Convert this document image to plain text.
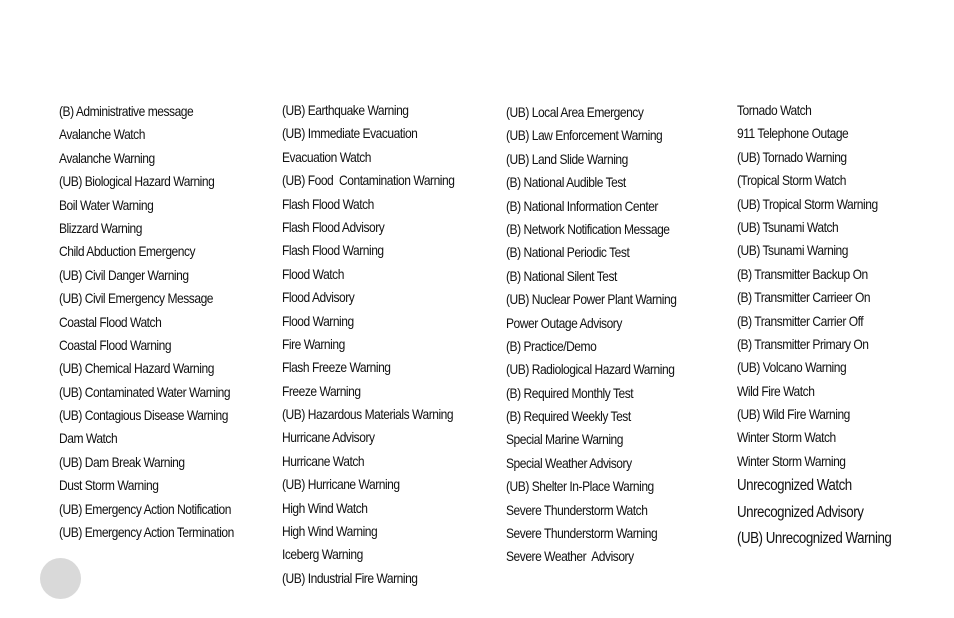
(B) Administrative message
Avalanche Watch
Avalanche Warning
(UB) Biological Hazard Warning
Boil Water Warning
Blizzard Warning
Child Abduction Emergency
(UB) Civil Danger Warning
(UB) Civil Emergency Message
Coastal Flood Watch
Coastal Flood Warning
(UB) Chemical Hazard Warning
(UB) Contaminated Water Warning
(UB) Contagious Disease Warning
Dam Watch
(UB) Dam Break Warning
Dust Storm Warning
(UB) Emergency Action Notification
(UB) Emergency Action Termination
(UB) Earthquake Warning
(UB) Immediate Evacuation
Evacuation Watch
(UB) Food  Contamination Warning
Flash Flood Watch
Flash Flood Advisory
Flash Flood Warning
Flood Watch
Flood Advisory
Flood Warning
Fire Warning
Flash Freeze Warning
Freeze Warning
(UB) Hazardous Materials Warning
Hurricane Advisory
Hurricane Watch
(UB) Hurricane Warning
High Wind Watch
High Wind Warning
Iceberg Warning
(UB) Industrial Fire Warning
(UB) Local Area Emergency
(UB) Law Enforcement Warning
(UB) Land Slide Warning
(B) National Audible Test
(B) National Information Center
(B) Network Notification Message
(B) National Periodic Test
(B) National Silent Test
(UB) Nuclear Power Plant Warning
Power Outage Advisory
(B) Practice/Demo
(UB) Radiological Hazard Warning
(B) Required Monthly Test
(B) Required Weekly Test
Special Marine Warning
Special Weather Advisory
(UB) Shelter In-Place Warning
Severe Thunderstorm Watch
Severe Thunderstorm Warning
Severe Weather  Advisory
Tornado Watch
911 Telephone Outage
(UB) Tornado Warning
(Tropical Storm Watch
(UB) Tropical Storm Warning
(UB) Tsunami Watch
(UB) Tsunami Warning
(B) Transmitter Backup On
(B) Transmitter Carrieer On
(B) Transmitter Carrier Off
(B) Transmitter Primary On
(UB) Volcano Warning
Wild Fire Watch
(UB) Wild Fire Warning
Winter Storm Watch
Winter Storm Warning
Unrecognized Watch
Unrecognized Advisory
(UB) Unrecognized Warning
